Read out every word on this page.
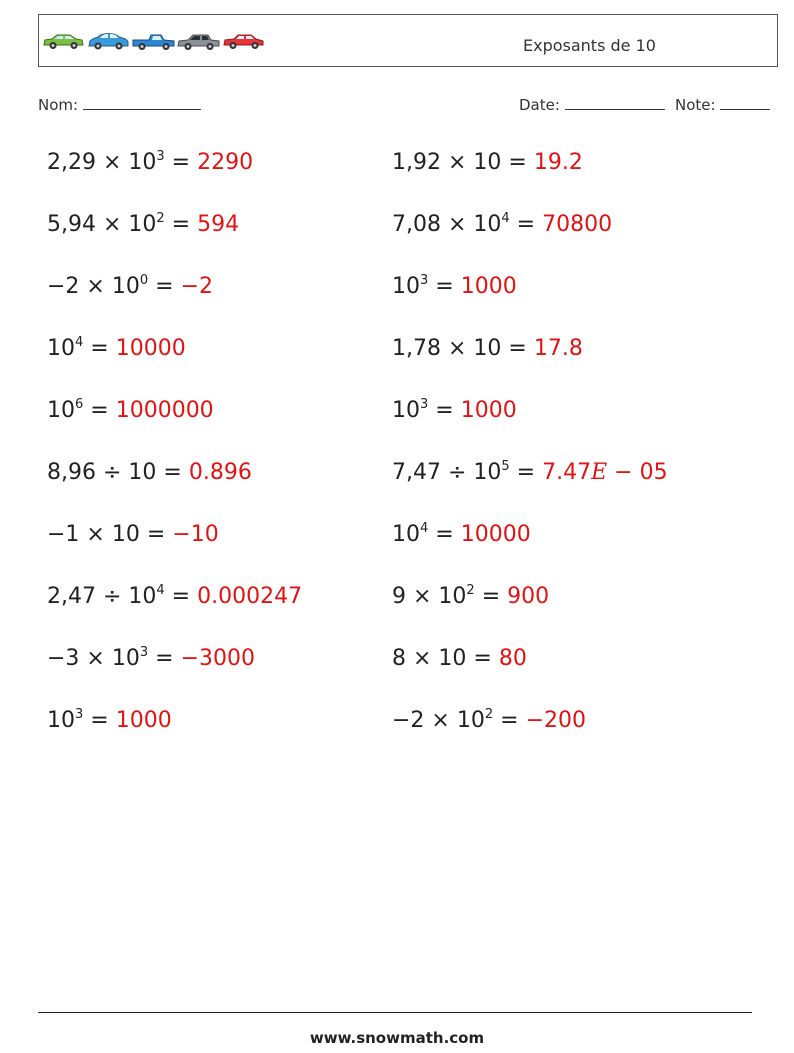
Exposants de 10
Nom:	Date:	Note:
$2,29 \times 10^3 = 2290$	1,92 × 10 = 19.2
$5,94 \times 10^2 = 594$	$7,08 \times 10^4 = 70800$
$-2 \times 10^0 = -2$	$10^3 = 1000$
$10^4 = 10000$	1,78 × 10 = 17.8
$10^6 = 1000000$	$10^3 = 1000$
8,96 ÷ 10 = 0.896	$7,47 \div 10^5 = 7.47E - 05$
−1 × 10 = −10	$10^4 = 10000$
$2,47 \div 10^4 = 0.000247$	$9 \times 10^2 = 900$
$-3 \times 10^3 = -3000$	8 × 10 = 80
$10^3 = 1000$	$-2 \times 10^2 = -200$
www.snowmath.com
